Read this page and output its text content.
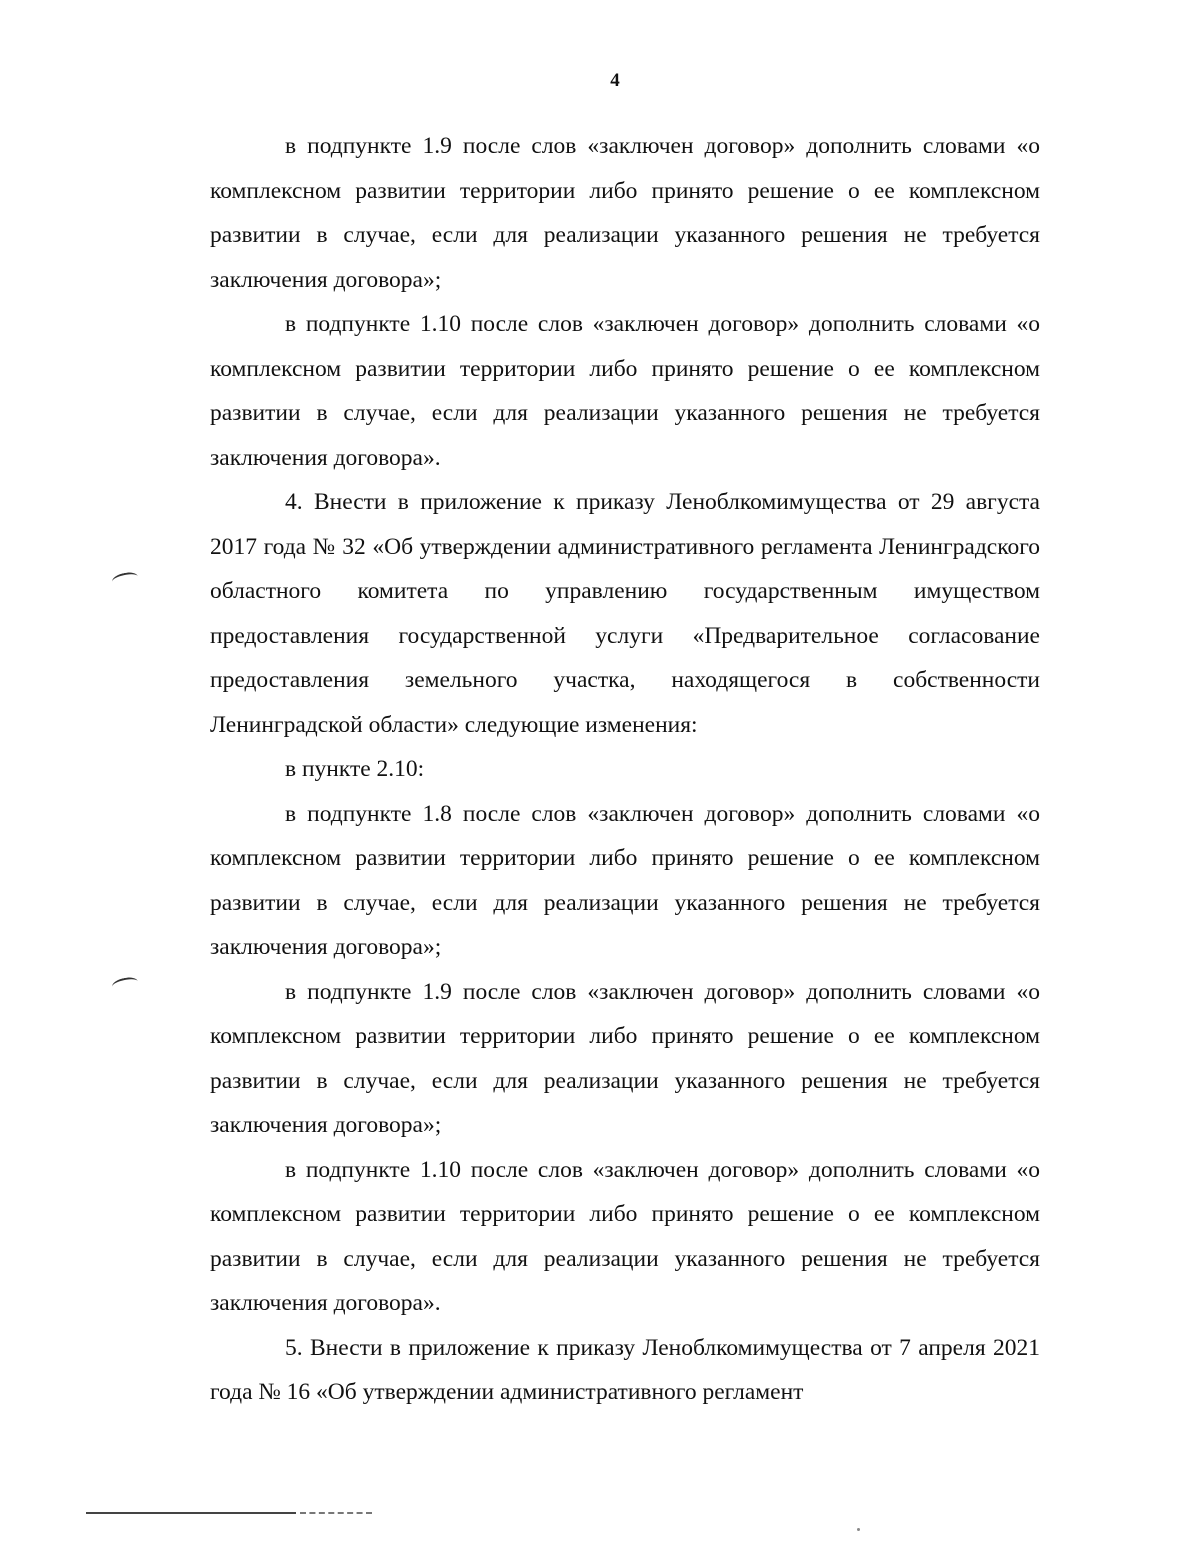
4

в подпункте 1.9 после слов «заключен договор» дополнить словами «о комплексном развитии территории либо принято решение о ее комплексном развитии в случае, если для реализации указанного решения не требуется заключения договора»;

в подпункте 1.10 после слов «заключен договор» дополнить словами «о комплексном развитии территории либо принято решение о ее комплексном развитии в случае, если для реализации указанного решения не требуется заключения договора».

4. Внести в приложение к приказу Леноблкомимущества от 29 августа 2017 года № 32 «Об утверждении административного регламента Ленинградского областного комитета по управлению государственным имуществом предоставления государственной услуги «Предварительное согласование предоставления земельного участка, находящегося в собственности Ленинградской области» следующие изменения:

в пункте 2.10:

в подпункте 1.8 после слов «заключен договор» дополнить словами «о комплексном развитии территории либо принято решение о ее комплексном развитии в случае, если для реализации указанного решения не требуется заключения договора»;

в подпункте 1.9 после слов «заключен договор» дополнить словами «о комплексном развитии территории либо принято решение о ее комплексном развитии в случае, если для реализации указанного решения не требуется заключения договора»;

в подпункте 1.10 после слов «заключен договор» дополнить словами «о комплексном развитии территории либо принято решение о ее комплексном развитии в случае, если для реализации указанного решения не требуется заключения договора».

5. Внести в приложение к приказу Леноблкомимущества от 7 апреля 2021 года № 16 «Об утверждении административного регламент
